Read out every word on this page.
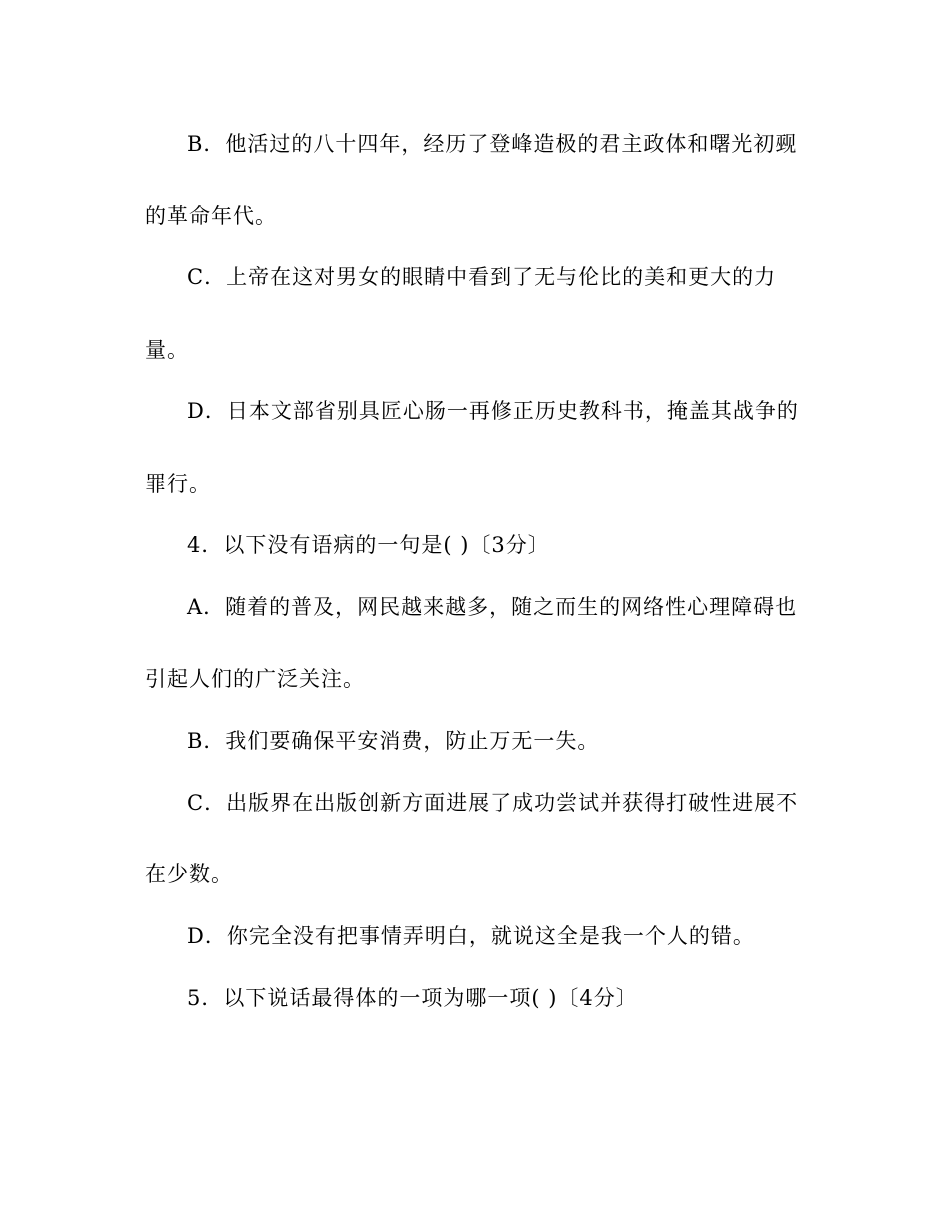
B．他活过的八十四年，经历了登峰造极的君主政体和曙光初觋
的革命年代。
C．上帝在这对男女的眼睛中看到了无与伦比的美和更大的力
量。
D．日本文部省别具匠心肠一再修正历史教科书，掩盖其战争的
罪行。
4．以下没有语病的一句是( )〔3分〕
A．随着的普及，网民越来越多，随之而生的网络性心理障碍也
引起人们的广泛关注。
B．我们要确保平安消费，防止万无一失。
C．出版界在出版创新方面进展了成功尝试并获得打破性进展不
在少数。
D．你完全没有把事情弄明白，就说这全是我一个人的错。
5．以下说话最得体的一项为哪一项( )〔4分〕
